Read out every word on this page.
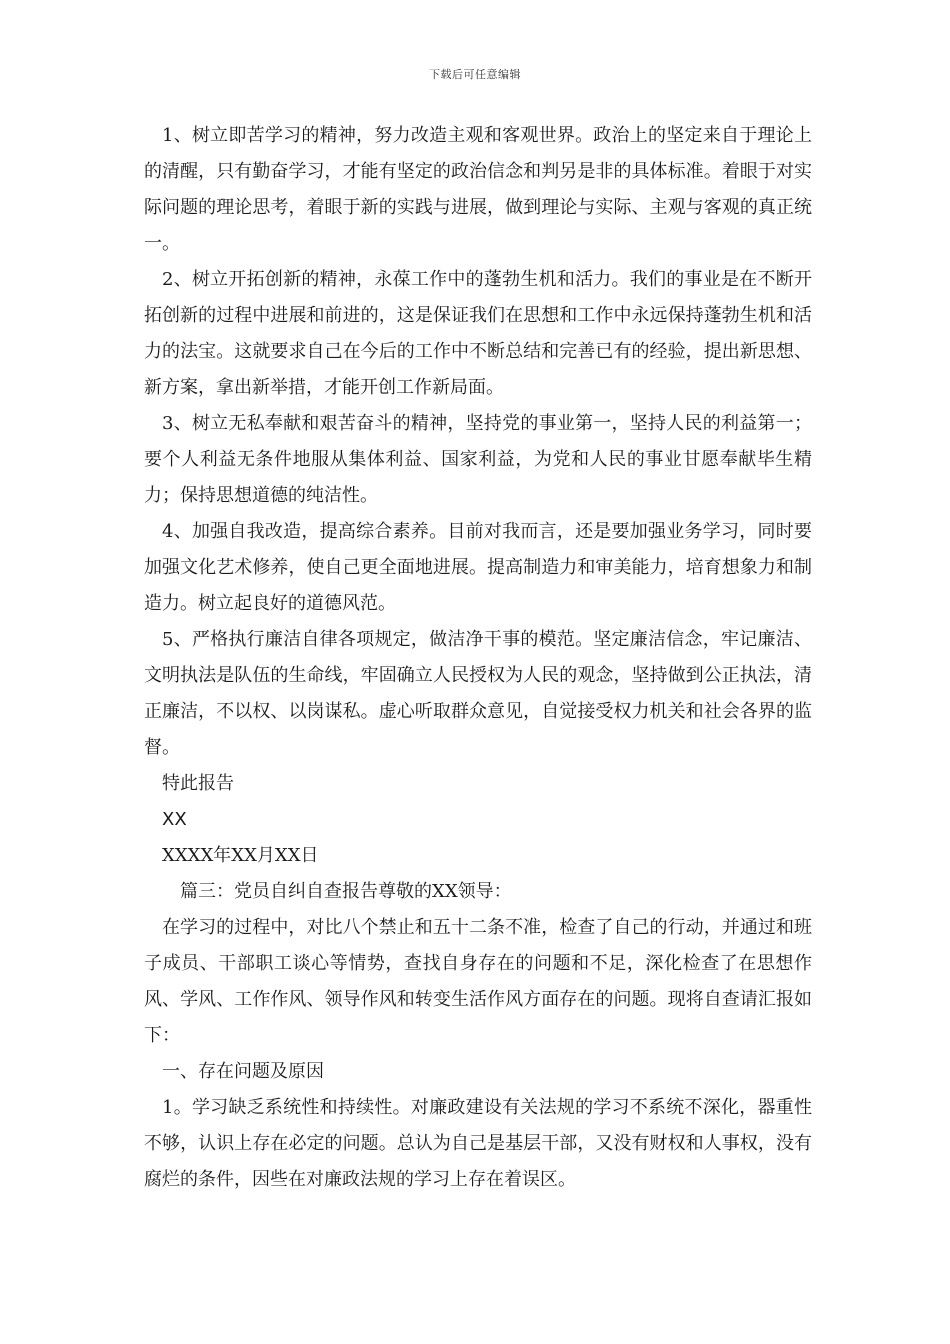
下载后可任意编辑

1、树立即苦学习的精神，努力改造主观和客观世界。政治上的坚定来自于理论上的清醒，只有勤奋学习，才能有坚定的政治信念和判另是非的具体标准。着眼于对实际问题的理论思考，着眼于新的实践与进展，做到理论与实际、主观与客观的真正统一。

2、树立开拓创新的精神，永葆工作中的蓬勃生机和活力。我们的事业是在不断开拓创新的过程中进展和前进的，这是保证我们在思想和工作中永远保持蓬勃生机和活力的法宝。这就要求自己在今后的工作中不断总结和完善已有的经验，提出新思想、新方案，拿出新举措，才能开创工作新局面。

3、树立无私奉献和艰苦奋斗的精神，坚持党的事业第一，坚持人民的利益第一；要个人利益无条件地服从集体利益、国家利益，为党和人民的事业甘愿奉献毕生精力；保持思想道德的纯洁性。

4、加强自我改造，提高综合素养。目前对我而言，还是要加强业务学习，同时要加强文化艺术修养，使自己更全面地进展。提高制造力和审美能力，培育想象力和制造力。树立起良好的道德风范。

5、严格执行廉洁自律各项规定，做洁净干事的模范。坚定廉洁信念，牢记廉洁、文明执法是队伍的生命线，牢固确立人民授权为人民的观念，坚持做到公正执法，清正廉洁，不以权、以岗谋私。虚心听取群众意见，自觉接受权力机关和社会各界的监督。

特此报告

XX

XXXX年XX月XX日

篇三：党员自纠自查报告尊敬的XX领导：

在学习的过程中，对比八个禁止和五十二条不准，检查了自己的行动，并通过和班子成员、干部职工谈心等情势，查找自身存在的问题和不足，深化检查了在思想作风、学风、工作作风、领导作风和转变生活作风方面存在的问题。现将自查请汇报如下：

一、存在问题及原因

1。学习缺乏系统性和持续性。对廉政建设有关法规的学习不系统不深化，器重性不够，认识上存在必定的问题。总认为自己是基层干部，又没有财权和人事权，没有腐烂的条件，因些在对廉政法规的学习上存在着误区。
